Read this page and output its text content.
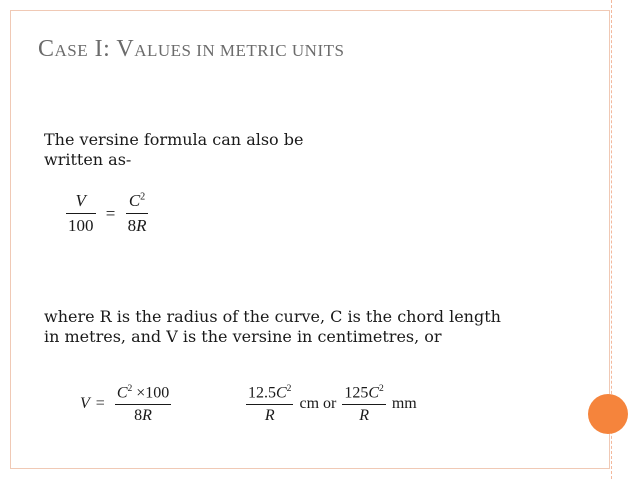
CASE I: VALUES IN METRIC UNITS
The versine formula can also be
written as-
$\frac{V}{100} = \frac{C^2}{8R}$
where R is the radius of the curve, C is the chord length
in metres, and V is the versine in centimetres, or
$V = \frac{C^2 \times 100}{8R}$	$\frac{12.5C^2}{R}$ cm or $\frac{125C^2}{R}$ mm
